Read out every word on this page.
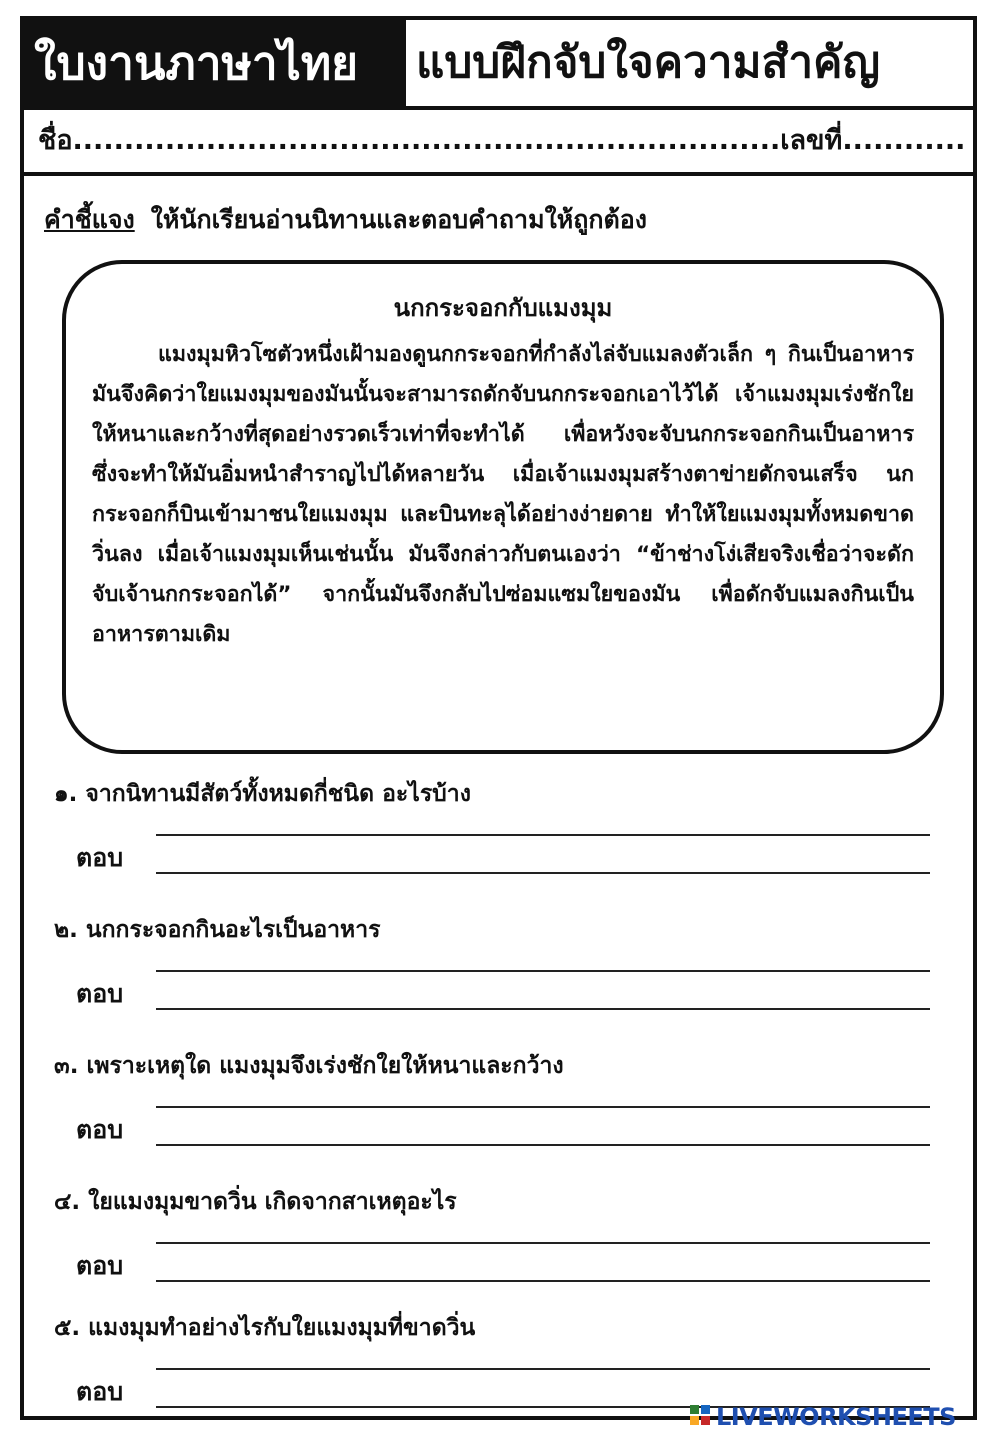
ใบงานภาษาไทย	แบบฝึกจับใจความสำคัญ
ชื่อ.....................................................................เลขที่............
คำชี้แจง ให้นักเรียนอ่านนิทานและตอบคำถามให้ถูกต้อง
นกกระจอกกับแมงมุม
แมงมุมหิวโซตัวหนึ่งเฝ้ามองดูนกกระจอกที่กำลังไล่จับแมลงตัวเล็ก ๆ กินเป็นอาหาร มันจึงคิดว่าใยแมงมุมของมันนั้นจะสามารถดักจับนกกระจอกเอาไว้ได้ เจ้าแมงมุมเร่งชักใยให้หนาและกว้างที่สุดอย่างรวดเร็วเท่าที่จะทำได้ เพื่อหวังจะจับนกกระจอกกินเป็นอาหาร ซึ่งจะทำให้มันอิ่มหนำสำราญไปได้หลายวัน เมื่อเจ้าแมงมุมสร้างตาข่ายดักจนเสร็จ นกกระจอกก็บินเข้ามาชนใยแมงมุม และบินทะลุได้อย่างง่ายดาย ทำให้ใยแมงมุมทั้งหมดขาดวิ่นลง เมื่อเจ้าแมงมุมเห็นเช่นนั้น มันจึงกล่าวกับตนเองว่า “ข้าช่างโง่เสียจริงเชื่อว่าจะดักจับเจ้านกกระจอกได้” จากนั้นมันจึงกลับไปซ่อมแซมใยของมัน เพื่อดักจับแมลงกินเป็นอาหารตามเดิม
๑. จากนิทานมีสัตว์ทั้งหมดกี่ชนิด อะไรบ้าง
ตอบ
๒. นกกระจอกกินอะไรเป็นอาหาร
ตอบ
๓. เพราะเหตุใด แมงมุมจึงเร่งชักใยให้หนาและกว้าง
ตอบ
๔. ใยแมงมุมขาดวิ่น เกิดจากสาเหตุอะไร
ตอบ
๕. แมงมุมทำอย่างไรกับใยแมงมุมที่ขาดวิ่น
ตอบ
LIVEWORKSHEETS
